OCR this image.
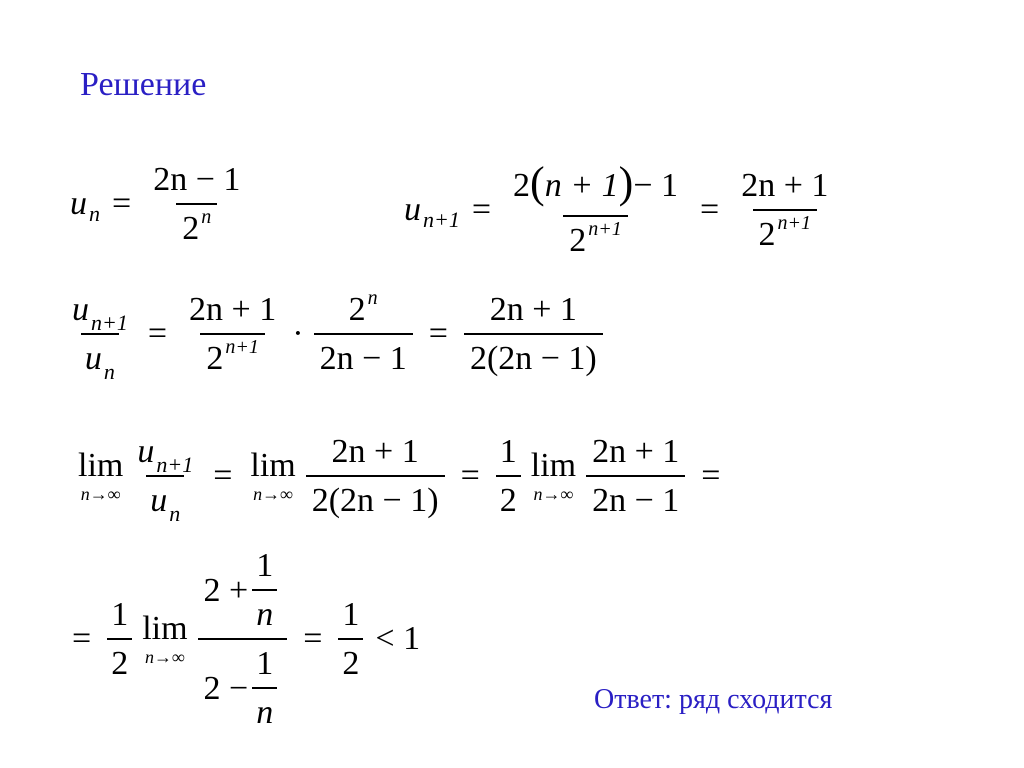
Решение
u $n = \frac{2n - 1}{2 ^n}$	u $n+1 = \frac{2 ( n + 1 ) - 1}{2 ^{n+1}} = \frac{2n + 1}{2 ^{n+1}}$
$\frac{u_{n+1}}{u_n} = \frac{2n + 1}{2 ^{n+1}} \cdot \frac{2 ^n}{2n - 1} = \frac{2n + 1}{2(2n - 1)}$
lim
$n\to\infty \frac{u_{n+1}}{u_n} = \lim$
$n\to\infty \frac{2n + 1}{2(2n - 1)} = \frac{1}{2}$ lim
$n\to\infty \frac{2n + 1}{2n - 1}$ =
= $\frac{1}{2}$ lim
$n\to\infty \frac{2 + \frac{1}{n}}{2 - \frac{1}{n}} = \frac{1}{2} < 1$
Ответ: ряд сходится
